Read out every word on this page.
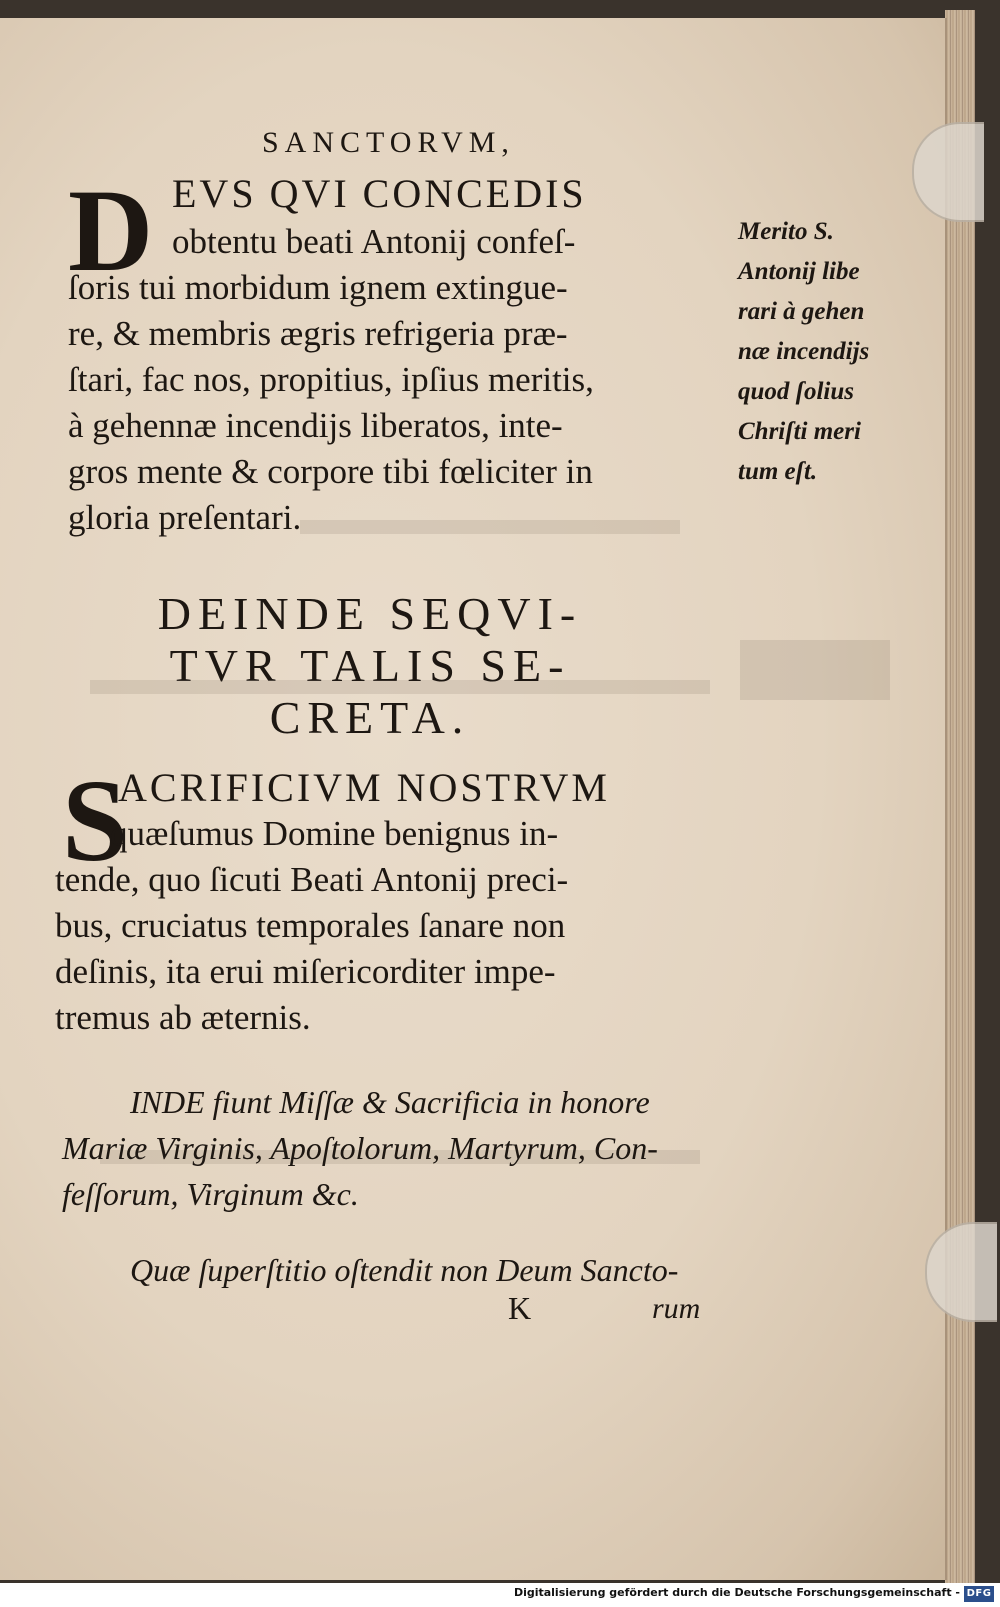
SANCTORVM,
D EVS QVI CONCEDIS
obtentu beati Antonij confeſ-
ſoris tui morbidum ignem extingue-
re, & membris ægris refrigeria præ-
ſtari, fac nos, propitius, ipſius meritis,
à gehennæ incendijs liberatos, inte-
gros mente & corpore tibi fœliciter in
gloria preſentari.
Merito S.
Antonij libe
rari à gehen
næ incendijs
quod ſolius
Chriſti meri
tum eſt.
DEINDE SEQVI-
TVR TALIS SE-
CRETA.
S
ACRIFICIVM NOSTRVM
quæſumus Domine benignus in-
tende, quo ſicuti Beati Antonij preci-
bus, cruciatus temporales ſanare non
deſinis, ita erui miſericorditer impe-
tremus ab æternis.
INDE fiunt Miſſæ & Sacrificia in honore
Mariæ Virginis, Apoſtolorum, Martyrum, Con-
feſſorum, Virginum &c.
Quæ ſuperſtitio oſtendit non Deum Sancto-
K	rum
Digitalisierung gefördert durch die Deutsche Forschungsgemeinschaft - DFG
